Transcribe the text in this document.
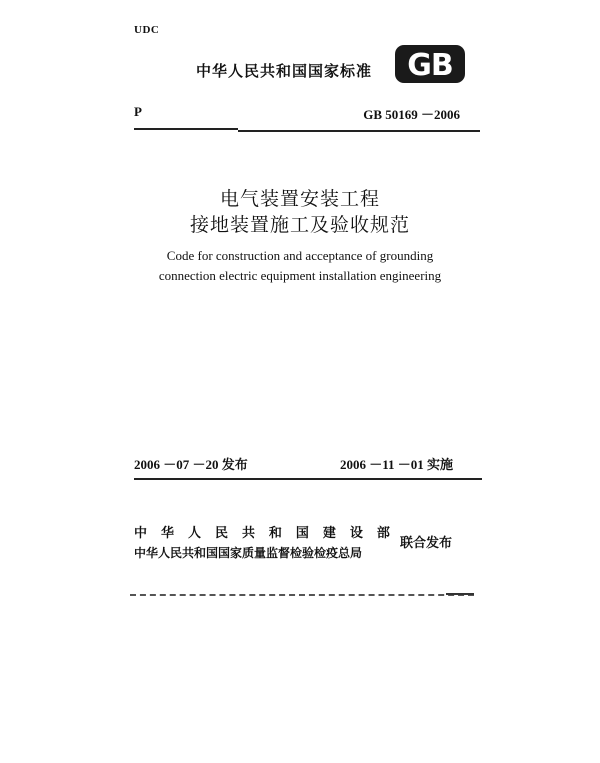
UDC
中华人民共和国国家标准 GB
P	GB 50169 －2006

电气装置安装工程

接地装置施工及验收规范

Code for construction and acceptance of grounding

connection electric equipment installation engineering

2006 －07 －20 发布	2006 －11 －01 实施
中 华 人 民 共 和 国 建 设 部
中华人民共和国国家质量监督检验检疫总局
联合发布
